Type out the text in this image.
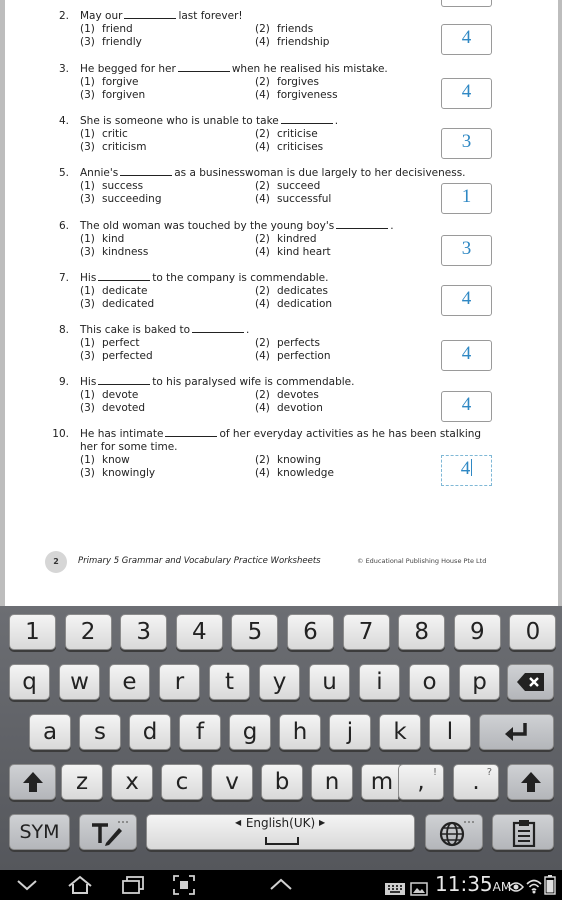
2. May our	last forever!
(1) friend	(2) friends
(3) friendly	(4) friendship	4
3. He begged for her	when he realised his mistake.
(1) forgive	(2) forgives
(3) forgiven	(4) forgiveness	4
4. She is someone who is unable to take	.
(1) critic	(2) criticise
(3) criticism	(4) criticises	3
5. Annie's	as a businesswoman is due largely to her decisiveness.
(1) success	(2) succeed
(3) succeeding	(4) successful	1
6. The old woman was touched by the young boy's	.
(1) kind	(2) kindred
(3) kindness	(4) kind heart	3
7. His	to the company is commendable.
(1) dedicate	(2) dedicates
(3) dedicated	(4) dedication	4
8. This cake is baked to	.
(1) perfect	(2) perfects
(3) perfected	(4) perfection	4
9. His	to his paralysed wife is commendable.
(1) devote	(2) devotes
(3) devoted	(4) devotion	4
10. He has intimate	of her everyday activities as he has been stalking
her for some time.
(1) know	(2) knowing
(3) knowingly	(4) knowledge	4
2	Primary 5 Grammar and Vocabulary Practice Worksheets	© Educational Publishing House Pte Ltd
1	2	3	4	5	6	7	8	9	0
q	w	e	r	t	y	u	i	o	p
a	s	d	f	g	h	j	k	l
z	x	c	v	b	n	m	, !	. ?
SYM	◀ English(UK) ▶
11:35AM
